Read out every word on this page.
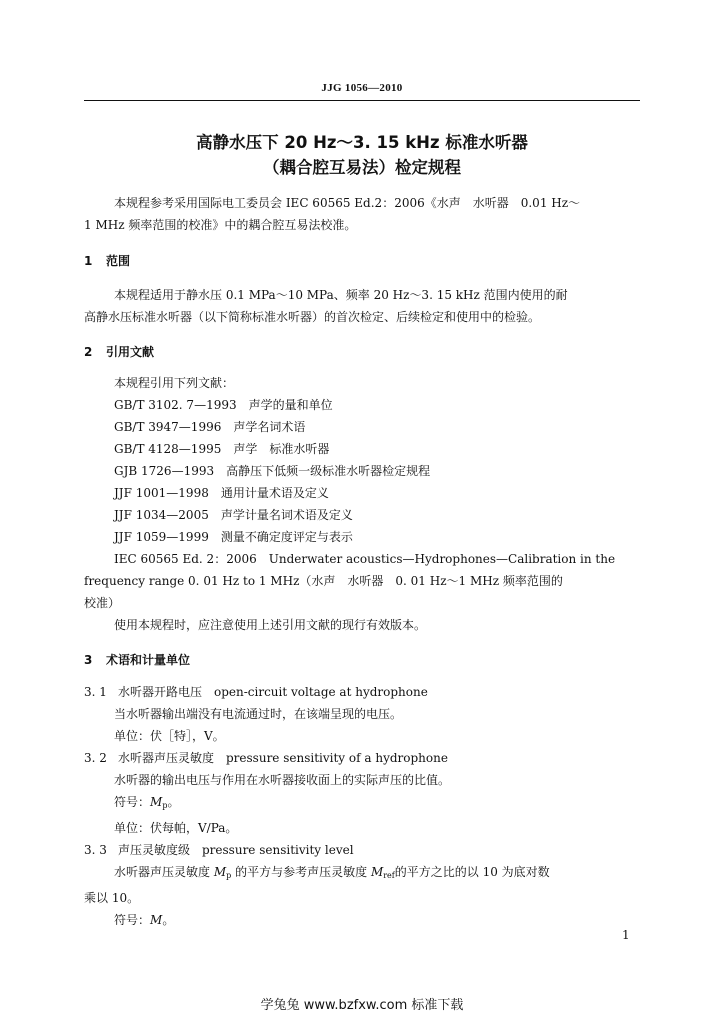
JJG 1056—2010
高静水压下 20 Hz～3. 15 kHz 标准水听器
（耦合腔互易法）检定规程
本规程参考采用国际电工委员会 IEC 60565 Ed.2：2006《水声　水听器　0.01 Hz～
1 MHz 频率范围的校准》中的耦合腔互易法校准。
1 范围
本规程适用于静水压 0.1 MPa～10 MPa、频率 20 Hz～3. 15 kHz 范围内使用的耐
高静水压标准水听器（以下简称标准水听器）的首次检定、后续检定和使用中的检验。
2 引用文献
本规程引用下列文献：
GB/T 3102. 7—1993　声学的量和单位
GB/T 3947—1996　声学名词术语
GB/T 4128—1995　声学　标准水听器
GJB 1726—1993　高静压下低频一级标准水听器检定规程
JJF 1001—1998　通用计量术语及定义
JJF 1034—2005　声学计量名词术语及定义
JJF 1059—1999　测量不确定度评定与表示
IEC 60565 Ed. 2：2006　Underwater acoustics—Hydrophones—Calibration in the
frequency range 0. 01 Hz to 1 MHz（水声　水听器　0. 01 Hz～1 MHz 频率范围的
校准）
使用本规程时，应注意使用上述引用文献的现行有效版本。
3 术语和计量单位
3. 1 水听器开路电压　open-circuit voltage at hydrophone
当水听器输出端没有电流通过时，在该端呈现的电压。
单位：伏［特］，V。
3. 2 水听器声压灵敏度　pressure sensitivity of a hydrophone
水听器的输出电压与作用在水听器接收面上的实际声压的比值。
符号：$M_p$。
单位：伏每帕，V/Pa。
3. 3 声压灵敏度级　pressure sensitivity level
水听器声压灵敏度 $M_p$ 的平方与参考声压灵敏度 $M_{ref}$的平方之比的以 10 为底对数
乘以 10。
符号：M。
1
学兔兔 www.bzfxw.com 标准下载
